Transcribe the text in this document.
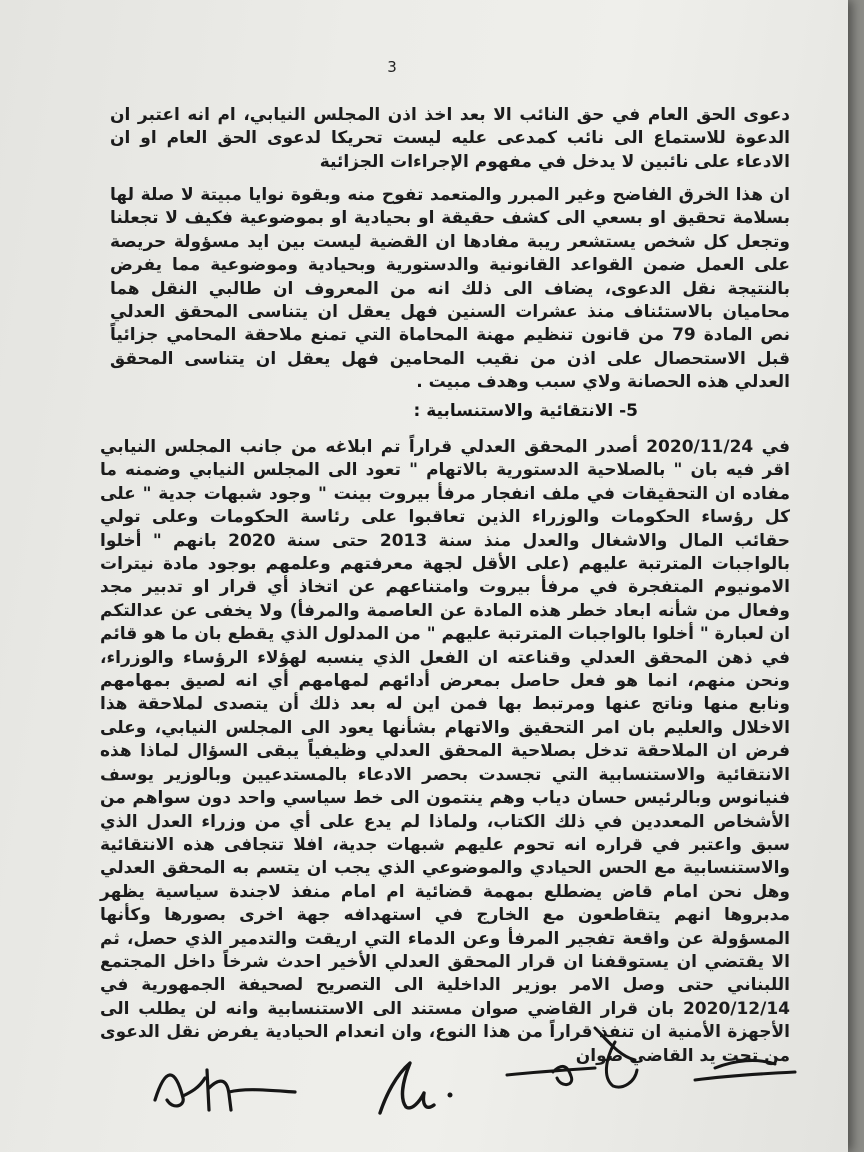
3

دعوى الحق العام في حق النائب الا بعد اخذ اذن المجلس النيابي، ام انه اعتبر ان الدعوة للاستماع الى نائب كمدعى عليه ليست تحريكا لدعوى الحق العام او ان الادعاء على نائبين لا يدخل في مفهوم الإجراءات الجزائية

ان هذا الخرق الفاضح وغير المبرر والمتعمد تفوح منه وبقوة نوايا مبيتة لا صلة لها بسلامة تحقيق او بسعي الى كشف حقيقة او بحيادية او بموضوعية فكيف لا تجعلنا وتجعل كل شخص يستشعر ريبة مفادها ان القضية ليست بين ايد مسؤولة حريصة على العمل ضمن القواعد القانونية والدستورية وبحيادية وموضوعية مما يفرض بالنتيجة نقل الدعوى، يضاف الى ذلك انه من المعروف ان طالبي النقل هما محاميان بالاستئناف منذ عشرات السنين فهل يعقل ان يتناسى المحقق العدلي نص المادة 79 من قانون تنظيم مهنة المحاماة التي تمنع ملاحقة المحامي جزائياً قبل الاستحصال على اذن من نقيب المحامين فهل يعقل ان يتناسى المحقق العدلي هذه الحصانة ولاي سبب وهدف مبيت .

5- الانتقائية والاستنسابية :

في 2020/11/24 أصدر المحقق العدلي قراراً تم ابلاغه من جانب المجلس النيابي اقر فيه بان " بالصلاحية الدستورية بالاتهام " تعود الى المجلس النيابي وضمنه ما مفاده ان التحقيقات في ملف انفجار مرفأ بيروت بينت " وجود شبهات جدية " على كل رؤساء الحكومات والوزراء الذين تعاقبوا على رئاسة الحكومات وعلى تولي حقائب المال والاشغال والعدل منذ سنة 2013 حتى سنة 2020 بانهم " أخلوا بالواجبات المترتبة عليهم (على الأقل لجهة معرفتهم وعلمهم بوجود مادة نيترات الامونيوم المتفجرة في مرفأ بيروت وامتناعهم عن اتخاذ أي قرار او تدبير مجد وفعال من شأنه ابعاد خطر هذه المادة عن العاصمة والمرفأ) ولا يخفى عن عدالتكم ان لعبارة " أخلوا بالواجبات المترتبة عليهم " من المدلول الذي يقطع بان ما هو قائم في ذهن المحقق العدلي وقناعته ان الفعل الذي ينسبه لهؤلاء الرؤساء والوزراء، ونحن منهم، انما هو فعل حاصل بمعرض أدائهم لمهامهم أي انه لصيق بمهامهم ونابع منها وناتج عنها ومرتبط بها فمن اين له بعد ذلك أن يتصدى لملاحقة هذا الاخلال والعليم بان امر التحقيق والاتهام بشأنها يعود الى المجلس النيابي، وعلى فرض ان الملاحقة تدخل بصلاحية المحقق العدلي وظيفياً يبقى السؤال لماذا هذه الانتقائية والاستنسابية التي تجسدت بحصر الادعاء بالمستدعيين وبالوزير يوسف فنيانوس وبالرئيس حسان دياب وهم ينتمون الى خط سياسي واحد دون سواهم من الأشخاص المعددين في ذلك الكتاب، ولماذا لم يدع على أي من وزراء العدل الذي سبق واعتبر في قراره انه تحوم عليهم شبهات جدية، افلا تتجافى هذه الانتقائية والاستنسابية مع الحس الحيادي والموضوعي الذي يجب ان يتسم به المحقق العدلي وهل نحن امام قاض يضطلع بمهمة قضائية ام امام منفذ لاجندة سياسية يظهر مدبروها انهم يتقاطعون مع الخارج في استهدافه جهة اخرى بصورها وكأنها المسؤولة عن واقعة تفجير المرفأ وعن الدماء التي اريقت والتدمير الذي حصل، ثم الا يقتضي ان يستوقفنا ان قرار المحقق العدلي الأخير احدث شرخاً داخل المجتمع اللبناني حتى وصل الامر بوزير الداخلية الى التصريح لصحيفة الجمهورية في 2020/12/14 بان قرار القاضي صوان مستند الى الاستنسابية وانه لن يطلب الى الأجهزة الأمنية ان تنفذ قراراً من هذا النوع، وان انعدام الحيادية يفرض نقل الدعوى من تحت يد القاضي صوان
